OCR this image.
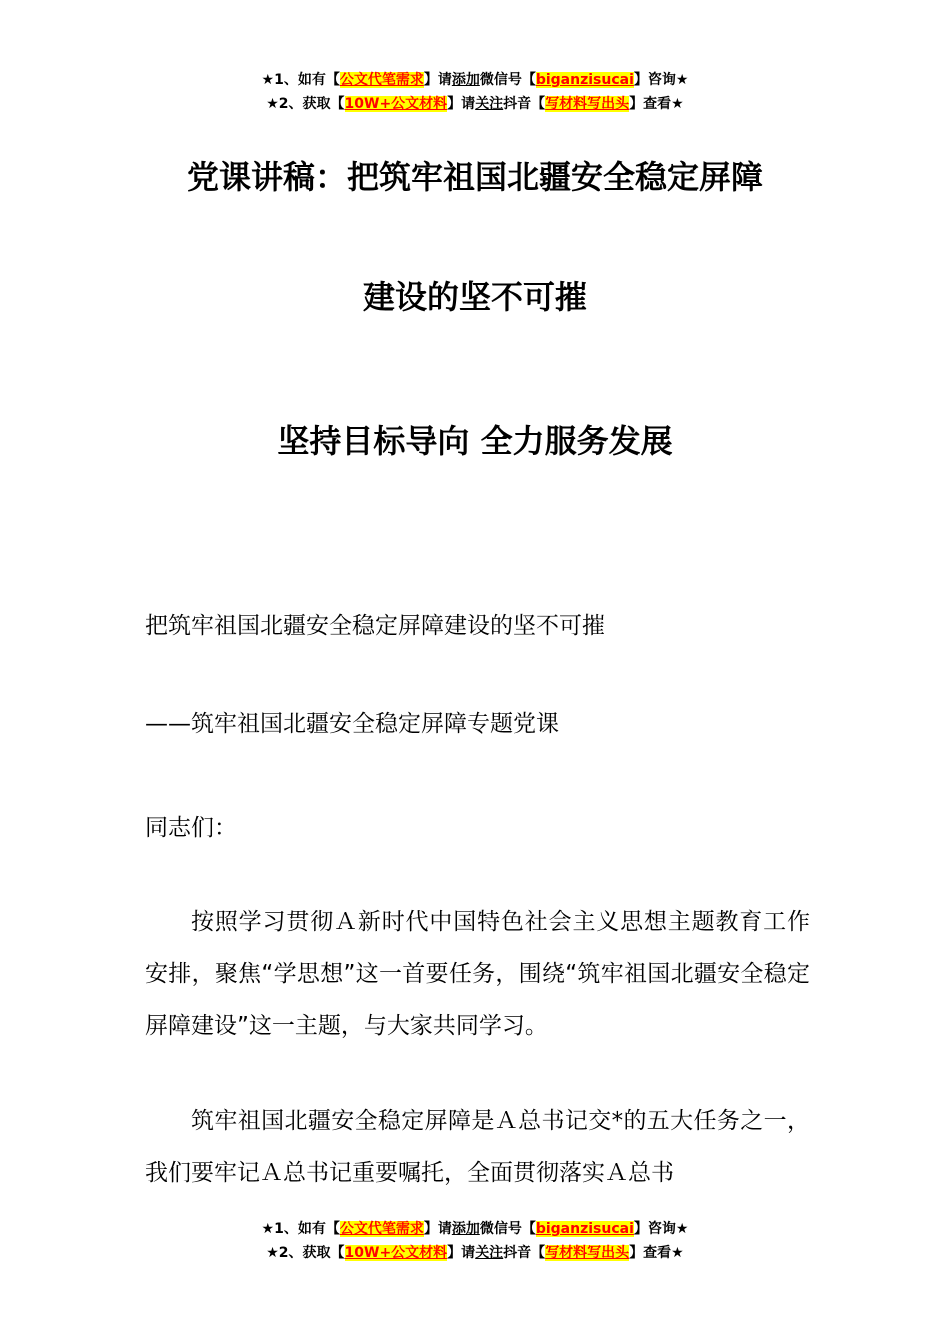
★1、如有【公文代笔需求】请添加微信号【biganzisucai】咨询★
★2、获取【10W+公文材料】请关注抖音【写材料写出头】查看★
党课讲稿：把筑牢祖国北疆安全稳定屏障
建设的坚不可摧
坚持目标导向 全力服务发展
把筑牢祖国北疆安全稳定屏障建设的坚不可摧
——筑牢祖国北疆安全稳定屏障专题党课
同志们：
按照学习贯彻Ａ新时代中国特色社会主义思想主题教育工作安排，聚焦“学思想”这一首要任务，围绕“筑牢祖国北疆安全稳定屏障建设”这一主题，与大家共同学习。
筑牢祖国北疆安全稳定屏障是Ａ总书记交*的五大任务之一，我们要牢记Ａ总书记重要嘱托，全面贯彻落实Ａ总书
★1、如有【公文代笔需求】请添加微信号【biganzisucai】咨询★
★2、获取【10W+公文材料】请关注抖音【写材料写出头】查看★
